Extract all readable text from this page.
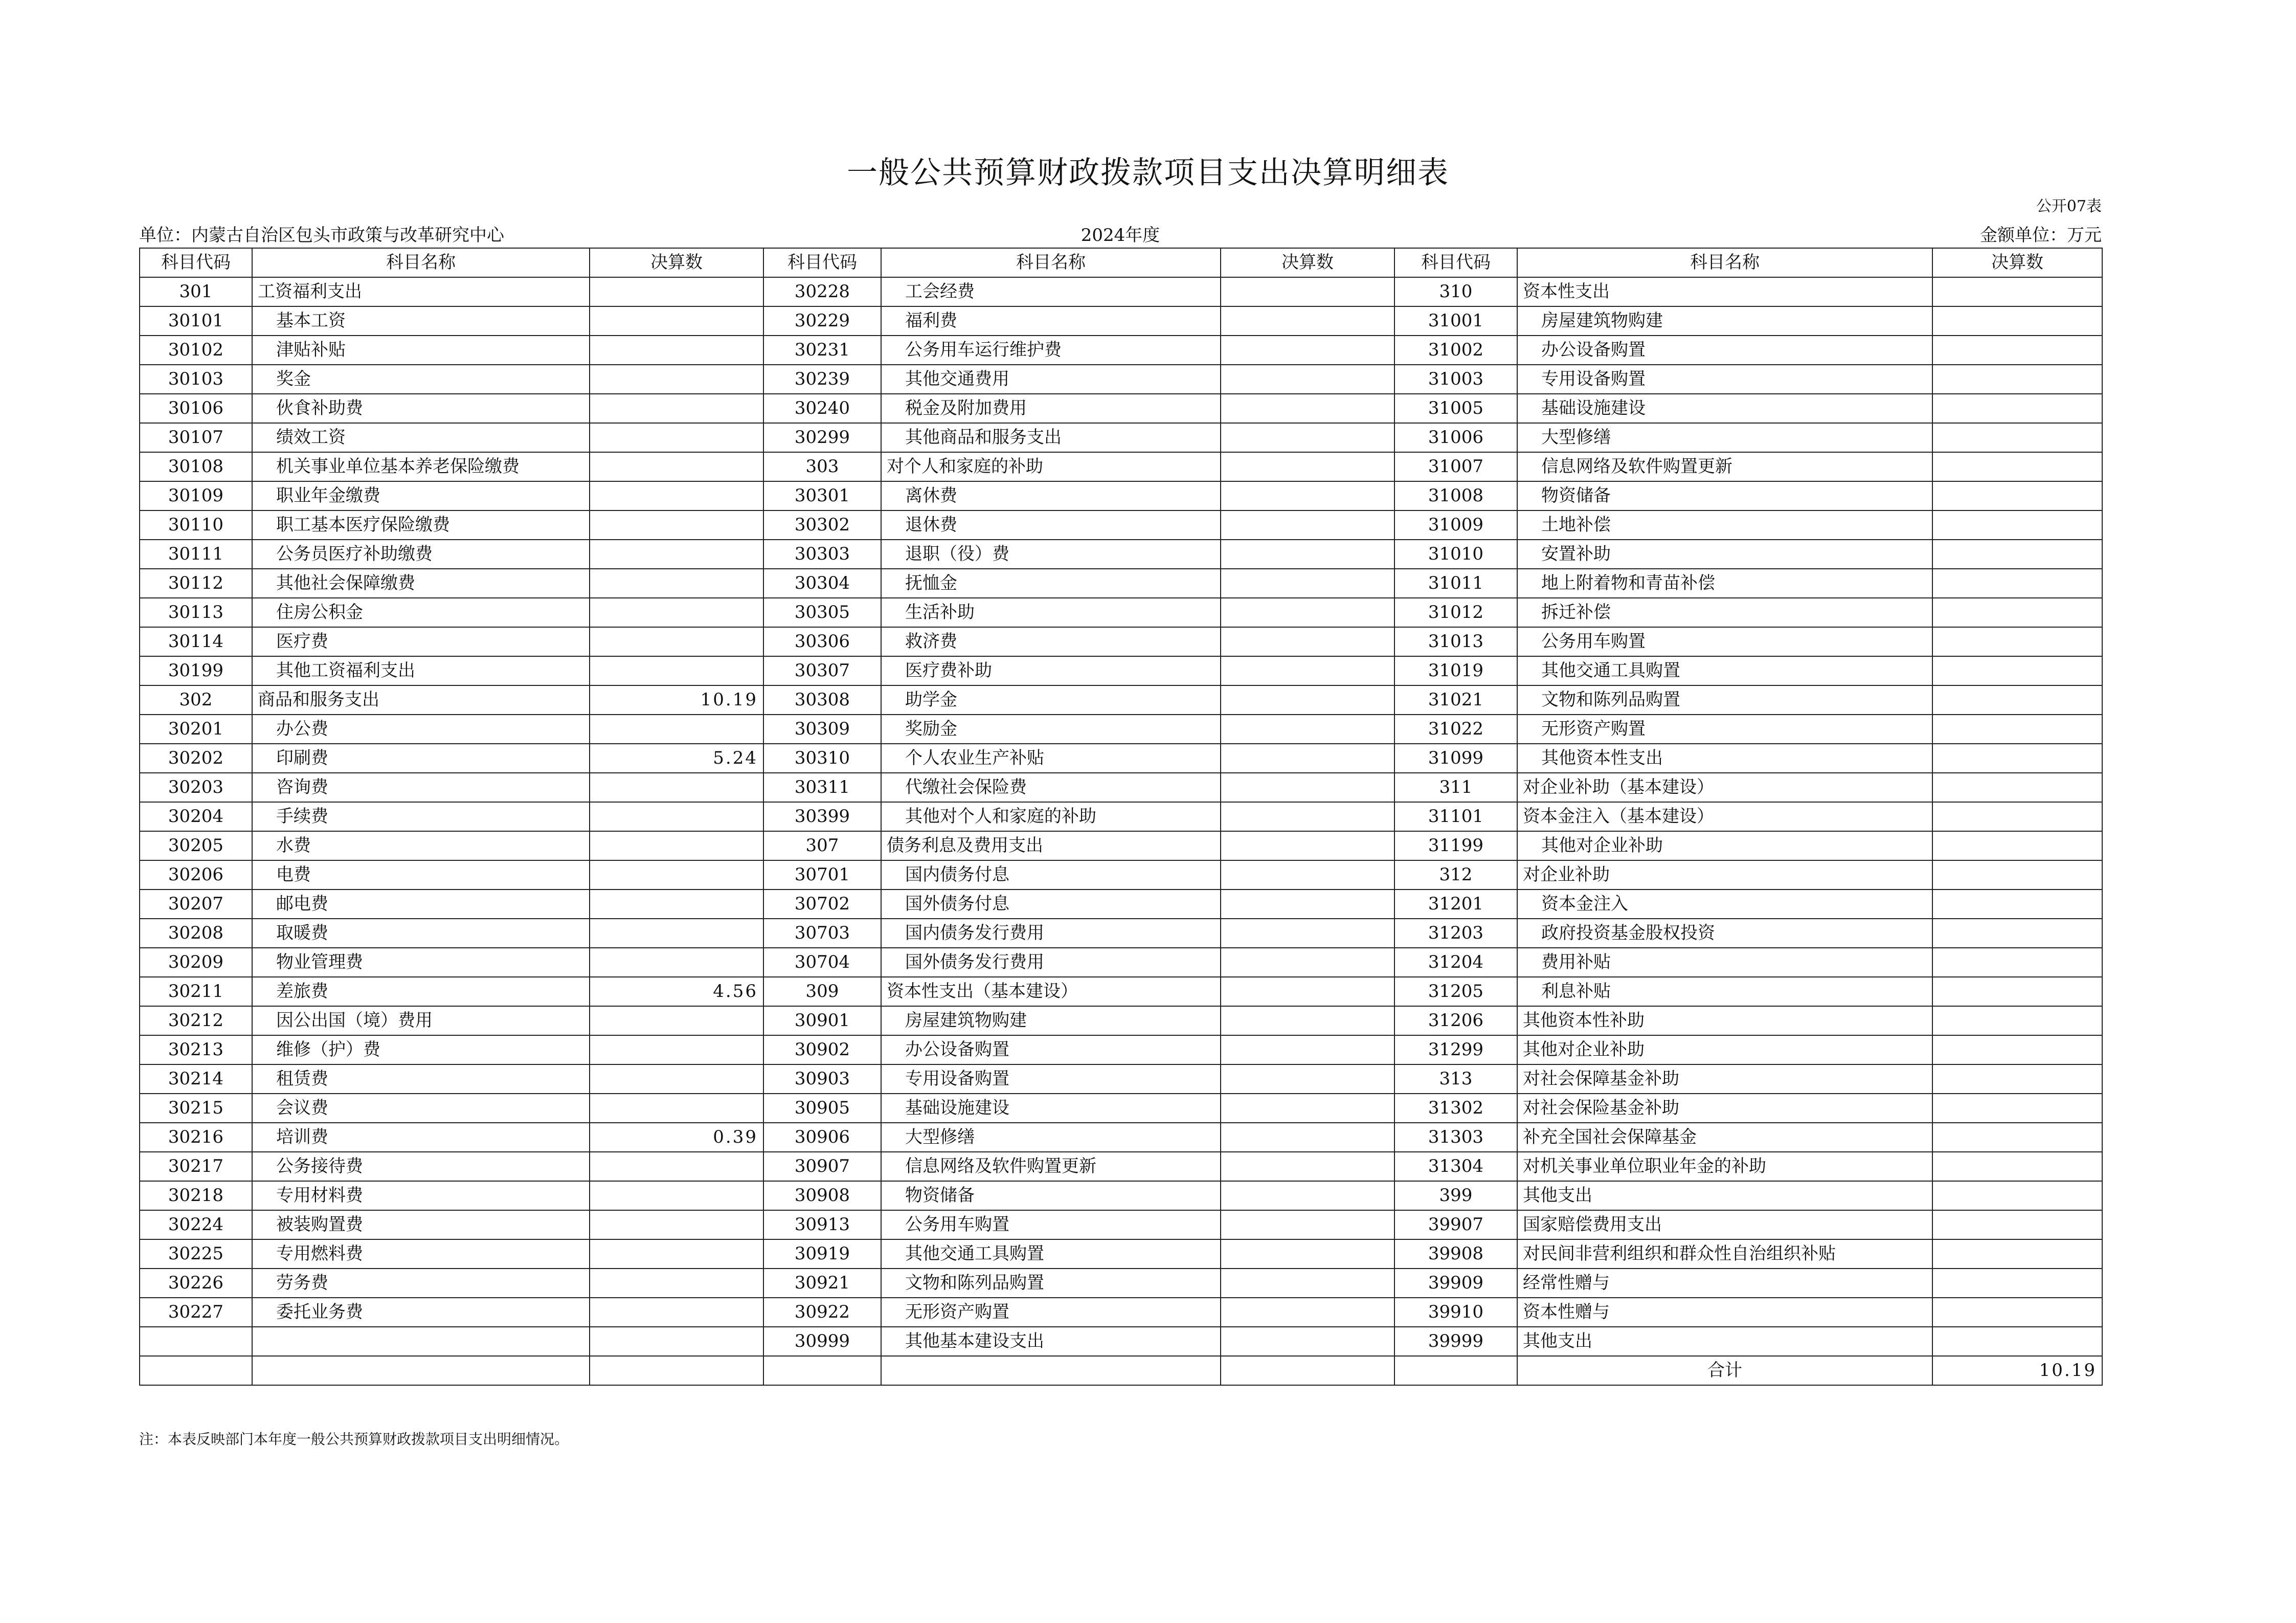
一般公共预算财政拨款项目支出决算明细表
公开07表
单位：内蒙古自治区包头市政策与改革研究中心	2024年度	金额单位：万元
科目代码	科目名称	决算数	科目代码	科目名称	决算数	科目代码	科目名称	决算数
301	工资福利支出		30228	工会经费		310	资本性支出	
30101	基本工资		30229	福利费		31001	房屋建筑物购建	
30102	津贴补贴		30231	公务用车运行维护费		31002	办公设备购置	
30103	奖金		30239	其他交通费用		31003	专用设备购置	
30106	伙食补助费		30240	税金及附加费用		31005	基础设施建设	
30107	绩效工资		30299	其他商品和服务支出		31006	大型修缮	
30108	机关事业单位基本养老保险缴费		303	对个人和家庭的补助		31007	信息网络及软件购置更新	
30109	职业年金缴费		30301	离休费		31008	物资储备	
30110	职工基本医疗保险缴费		30302	退休费		31009	土地补偿	
30111	公务员医疗补助缴费		30303	退职（役）费		31010	安置补助	
30112	其他社会保障缴费		30304	抚恤金		31011	地上附着物和青苗补偿	
30113	住房公积金		30305	生活补助		31012	拆迁补偿	
30114	医疗费		30306	救济费		31013	公务用车购置	
30199	其他工资福利支出		30307	医疗费补助		31019	其他交通工具购置	
302	商品和服务支出	10.19	30308	助学金		31021	文物和陈列品购置	
30201	办公费		30309	奖励金		31022	无形资产购置	
30202	印刷费	5.24	30310	个人农业生产补贴		31099	其他资本性支出	
30203	咨询费		30311	代缴社会保险费		311	对企业补助（基本建设）	
30204	手续费		30399	其他对个人和家庭的补助		31101	资本金注入（基本建设）	
30205	水费		307	债务利息及费用支出		31199	其他对企业补助	
30206	电费		30701	国内债务付息		312	对企业补助	
30207	邮电费		30702	国外债务付息		31201	资本金注入	
30208	取暖费		30703	国内债务发行费用		31203	政府投资基金股权投资	
30209	物业管理费		30704	国外债务发行费用		31204	费用补贴	
30211	差旅费	4.56	309	资本性支出（基本建设）		31205	利息补贴	
30212	因公出国（境）费用		30901	房屋建筑物购建		31206	其他资本性补助	
30213	维修（护）费		30902	办公设备购置		31299	其他对企业补助	
30214	租赁费		30903	专用设备购置		313	对社会保障基金补助	
30215	会议费		30905	基础设施建设		31302	对社会保险基金补助	
30216	培训费	0.39	30906	大型修缮		31303	补充全国社会保障基金	
30217	公务接待费		30907	信息网络及软件购置更新		31304	对机关事业单位职业年金的补助	
30218	专用材料费		30908	物资储备		399	其他支出	
30224	被装购置费		30913	公务用车购置		39907	国家赔偿费用支出	
30225	专用燃料费		30919	其他交通工具购置		39908	对民间非营利组织和群众性自治组织补贴	
30226	劳务费		30921	文物和陈列品购置		39909	经常性赠与	
30227	委托业务费		30922	无形资产购置		39910	资本性赠与	
			30999	其他基本建设支出		39999	其他支出	
							合计	10.19
注：本表反映部门本年度一般公共预算财政拨款项目支出明细情况。
